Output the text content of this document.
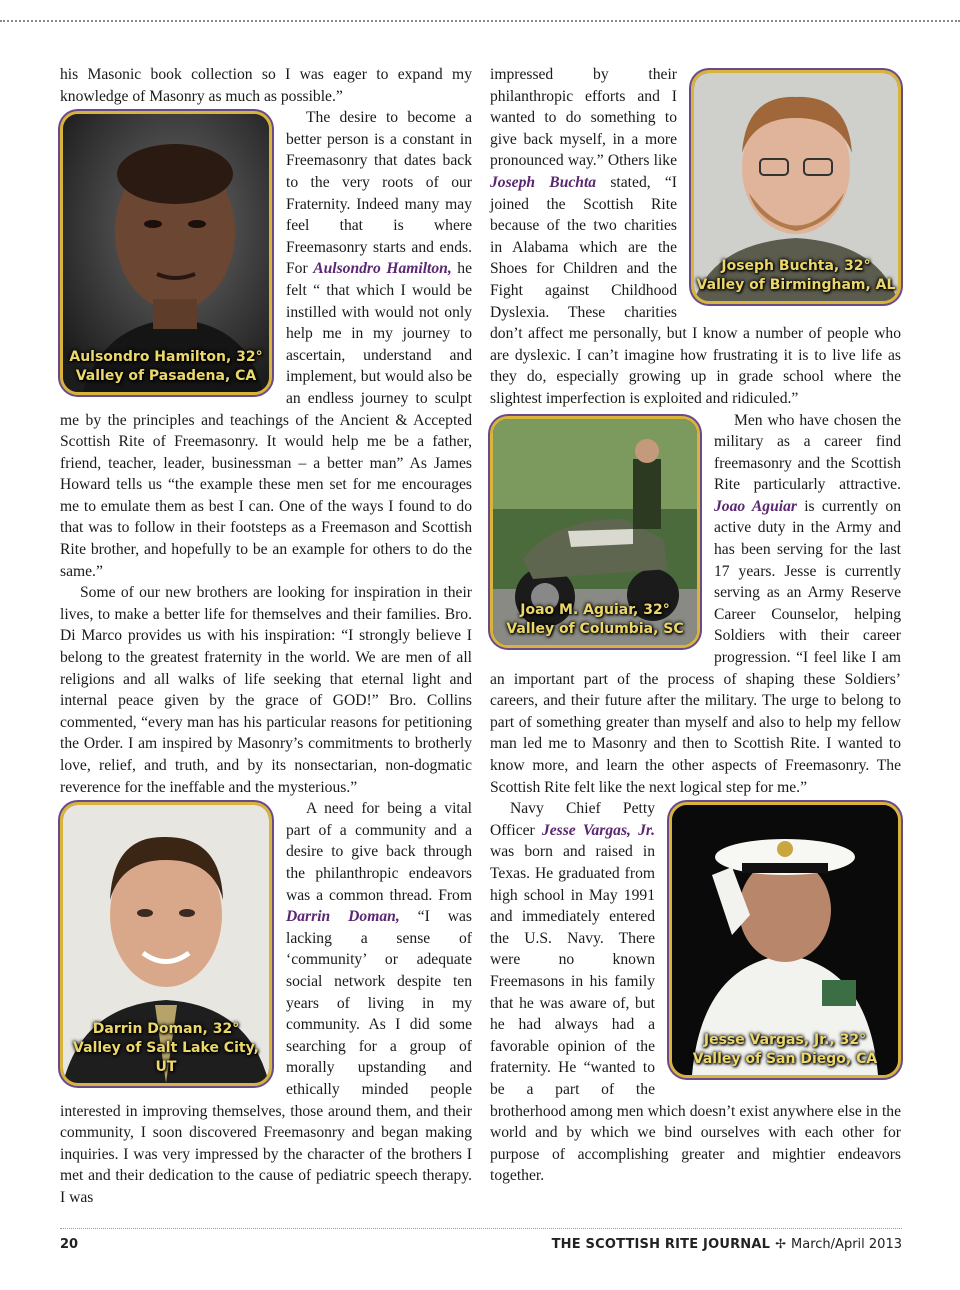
his Masonic book collection so I was eager to expand my knowledge of Masonry as much as possible.”

Aulsondro Hamilton, 32°
Valley of Pasadena, CA

The desire to become a better person is a constant in Freemasonry that dates back to the very roots of our Fraternity. Indeed many may feel that is where Freemasonry starts and ends. For Aulsondro Hamilton, he felt “ that which I would be instilled with would not only help me in my journey to ascertain, understand and implement, but would also be an endless journey to sculpt me by the principles and teachings of the Ancient & Accepted Scottish Rite of Freemasonry. It would help me be a father, friend, teacher, leader, businessman – a better man” As James Howard tells us “the example these men set for me encourages me to emulate them as best I can. One of the ways I found to do that was to follow in their footsteps as a Freemason and Scottish Rite brother, and hopefully to be an example for others to do the same.”

Some of our new brothers are looking for inspiration in their lives, to make a better life for themselves and their families. Bro. Di Marco provides us with his inspiration: “I strongly believe I belong to the greatest fraternity in the world. We are men of all religions and all walks of life seeking that eternal light and internal peace given by the grace of GOD!” Bro. Collins commented, “every man has his particular reasons for petitioning the Order. I am inspired by Masonry’s commitments to brotherly love, relief, and truth, and by its nonsectarian, non-dogmatic reverence for the ineffable and the mysterious.”

Darrin Doman, 32°
Valley of Salt Lake City, UT

A need for being a vital part of a community and a desire to give back through the philanthropic endeavors was a common thread. From Darrin Doman, “I was lacking a sense of ‘community’ or adequate social network despite ten years of living in my community. As I did some searching for a group of morally upstanding and ethically minded people interested in improving themselves, those around them, and their community, I soon discovered Freemasonry and began making inquiries. I was very impressed by the character of the brothers I met and their dedication to the cause of pediatric speech therapy. I was

Joseph Buchta, 32°
Valley of Birmingham, AL

impressed by their philanthropic efforts and I wanted to do something to give back myself, in a more pronounced way.” Others like Joseph Buchta stated, “I joined the Scottish Rite because of the two charities in Alabama which are the Shoes for Children and the Fight against Childhood Dyslexia. These charities don’t affect me personally, but I know a number of people who are dyslexic. I can’t imagine how frustrating it is to live life as they do, especially growing up in grade school where the slightest imperfection is exploited and ridiculed.”

Joao M. Aguiar, 32°
Valley of Columbia, SC

Men who have chosen the military as a career find freemasonry and the Scottish Rite particularly attractive. Joao Aguiar is currently on active duty in the Army and has been serving for the last 17 years. Jesse is currently serving as an Army Reserve Career Counselor, helping Soldiers with their career progression. “I feel like I am an important part of the process of shaping these Soldiers’ careers, and their future after the military. The urge to belong to part of something greater than myself and also to help my fellow man led me to Masonry and then to Scottish Rite. I wanted to know more, and learn the other aspects of Freemasonry. The Scottish Rite felt like the next logical step for me.”

Jesse Vargas, Jr., 32°
Valley of San Diego, CA

Navy Chief Petty Officer Jesse Vargas, Jr. was born and raised in Texas. He graduated from high school in May 1991 and immediately entered the U.S. Navy. There were no known Freemasons in his family that he was aware of, but he had always had a favorable opinion of the fraternity. He “wanted to be a part of the brotherhood among men which doesn’t exist anywhere else in the world and by which we bind ourselves with each other for purpose of accomplishing greater and mightier endeavors together.

20	THE SCOTTISH RITE JOURNAL ✢ March/April 2013
